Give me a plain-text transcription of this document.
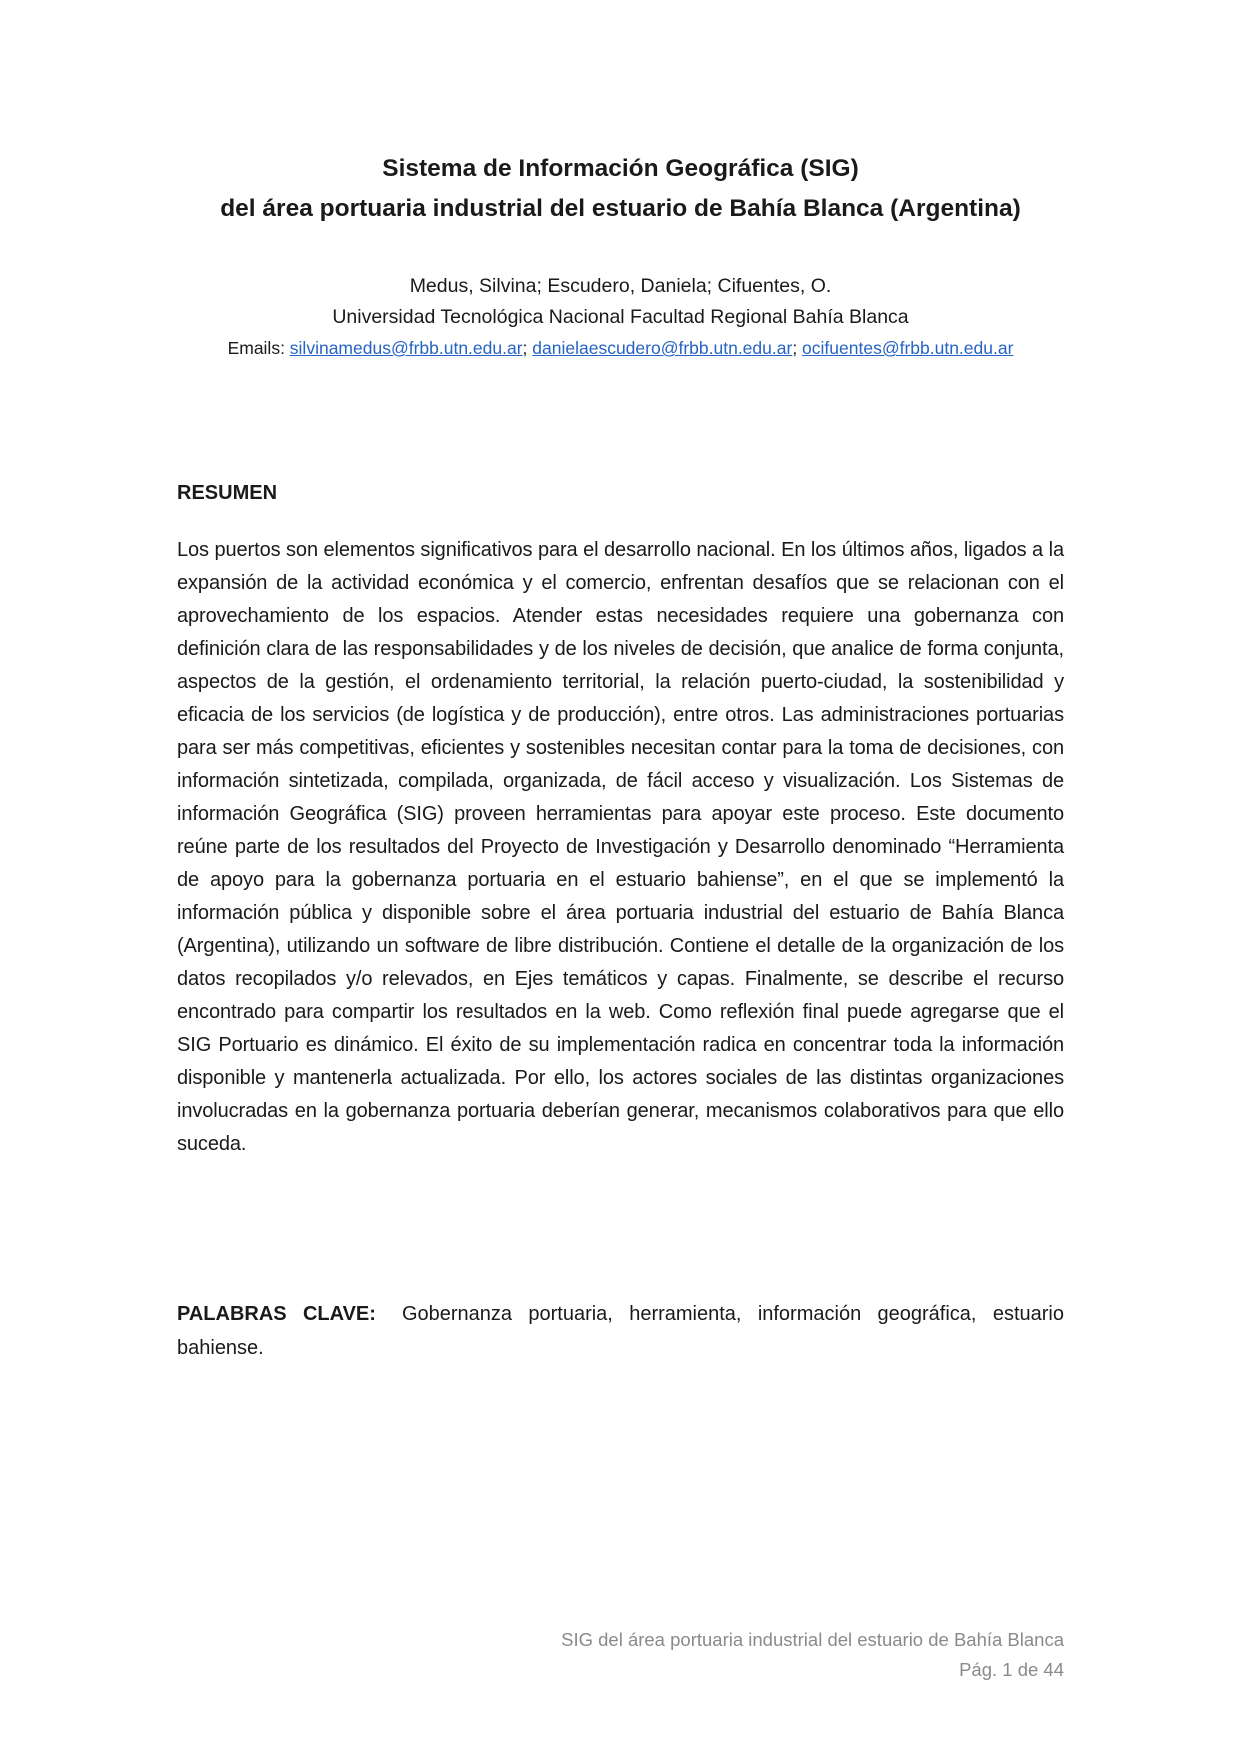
Sistema de Información Geográfica (SIG)
del área portuaria industrial del estuario de Bahía Blanca (Argentina)
Medus, Silvina; Escudero, Daniela; Cifuentes, O.
Universidad Tecnológica Nacional Facultad Regional Bahía Blanca
Emails: silvinamedus@frbb.utn.edu.ar; danielaescudero@frbb.utn.edu.ar; ocifuentes@frbb.utn.edu.ar
RESUMEN

Los puertos son elementos significativos para el desarrollo nacional. En los últimos años, ligados a la expansión de la actividad económica y el comercio, enfrentan desafíos que se relacionan con el aprovechamiento de los espacios. Atender estas necesidades requiere una gobernanza con definición clara de las responsabilidades y de los niveles de decisión, que analice de forma conjunta, aspectos de la gestión, el ordenamiento territorial, la relación puerto-ciudad, la sostenibilidad y eficacia de los servicios (de logística y de producción), entre otros. Las administraciones portuarias para ser más competitivas, eficientes y sostenibles necesitan contar para la toma de decisiones, con información sintetizada, compilada, organizada, de fácil acceso y visualización. Los Sistemas de información Geográfica (SIG) proveen herramientas para apoyar este proceso. Este documento reúne parte de los resultados del Proyecto de Investigación y Desarrollo denominado “Herramienta de apoyo para la gobernanza portuaria en el estuario bahiense”, en el que se implementó la información pública y disponible sobre el área portuaria industrial del estuario de Bahía Blanca (Argentina), utilizando un software de libre distribución. Contiene el detalle de la organización de los datos recopilados y/o relevados, en Ejes temáticos y capas. Finalmente, se describe el recurso encontrado para compartir los resultados en la web. Como reflexión final puede agregarse que el SIG Portuario es dinámico. El éxito de su implementación radica en concentrar toda la información disponible y mantenerla actualizada. Por ello, los actores sociales de las distintas organizaciones involucradas en la gobernanza portuaria deberían generar, mecanismos colaborativos para que ello suceda.

PALABRAS CLAVE: Gobernanza portuaria, herramienta, información geográfica, estuario bahiense.

SIG del área portuaria industrial del estuario de Bahía Blanca
Pág. 1 de 44
